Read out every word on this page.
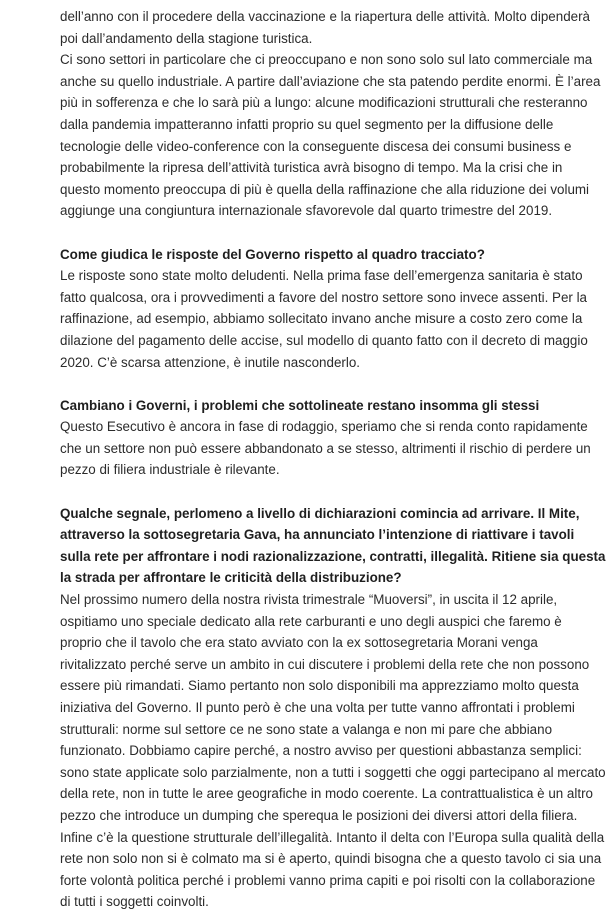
dell’anno con il procedere della vaccinazione e la riapertura delle attività. Molto dipenderà poi dall’andamento della stagione turistica.

Ci sono settori in particolare che ci preoccupano e non sono solo sul lato commerciale ma anche su quello industriale. A partire dall’aviazione che sta patendo perdite enormi. È l’area più in sofferenza e che lo sarà più a lungo: alcune modificazioni strutturali che resteranno dalla pandemia impatteranno infatti proprio su quel segmento per la diffusione delle tecnologie delle video-conference con la conseguente discesa dei consumi business e probabilmente la ripresa dell’attività turistica avrà bisogno di tempo. Ma la crisi che in questo momento preoccupa di più è quella della raffinazione che alla riduzione dei volumi aggiunge una congiuntura internazionale sfavorevole dal quarto trimestre del 2019.

Come giudica le risposte del Governo rispetto al quadro tracciato?

Le risposte sono state molto deludenti. Nella prima fase dell’emergenza sanitaria è stato fatto qualcosa, ora i provvedimenti a favore del nostro settore sono invece assenti. Per la raffinazione, ad esempio, abbiamo sollecitato invano anche misure a costo zero come la dilazione del pagamento delle accise, sul modello di quanto fatto con il decreto di maggio 2020. C’è scarsa attenzione, è inutile nasconderlo.

Cambiano i Governi, i problemi che sottolineate restano insomma gli stessi

Questo Esecutivo è ancora in fase di rodaggio, speriamo che si renda conto rapidamente che un settore non può essere abbandonato a se stesso, altrimenti il rischio di perdere un pezzo di filiera industriale è rilevante.

Qualche segnale, perlomeno a livello di dichiarazioni comincia ad arrivare. Il Mite, attraverso la sottosegretaria Gava, ha annunciato l’intenzione di riattivare i tavoli sulla rete per affrontare i nodi razionalizzazione, contratti, illegalità. Ritiene sia questa la strada per affrontare le criticità della distribuzione?

Nel prossimo numero della nostra rivista trimestrale “Muoversi”, in uscita il 12 aprile, ospitiamo uno speciale dedicato alla rete carburanti e uno degli auspici che faremo è proprio che il tavolo che era stato avviato con la ex sottosegretaria Morani venga rivitalizzato perché serve un ambito in cui discutere i problemi della rete che non possono essere più rimandati. Siamo pertanto non solo disponibili ma apprezziamo molto questa iniziativa del Governo. Il punto però è che una volta per tutte vanno affrontati i problemi strutturali: norme sul settore ce ne sono state a valanga e non mi pare che abbiano funzionato. Dobbiamo capire perché, a nostro avviso per questioni abbastanza semplici: sono state applicate solo parzialmente, non a tutti i soggetti che oggi partecipano al mercato della rete, non in tutte le aree geografiche in modo coerente. La contrattualistica è un altro pezzo che introduce un dumping che sperequa le posizioni dei diversi attori della filiera. Infine c’è la questione strutturale dell’illegalità. Intanto il delta con l’Europa sulla qualità della rete non solo non si è colmato ma si è aperto, quindi bisogna che a questo tavolo ci sia una forte volontà politica perché i problemi vanno prima capiti e poi risolti con la collaborazione di tutti i soggetti coinvolti.
